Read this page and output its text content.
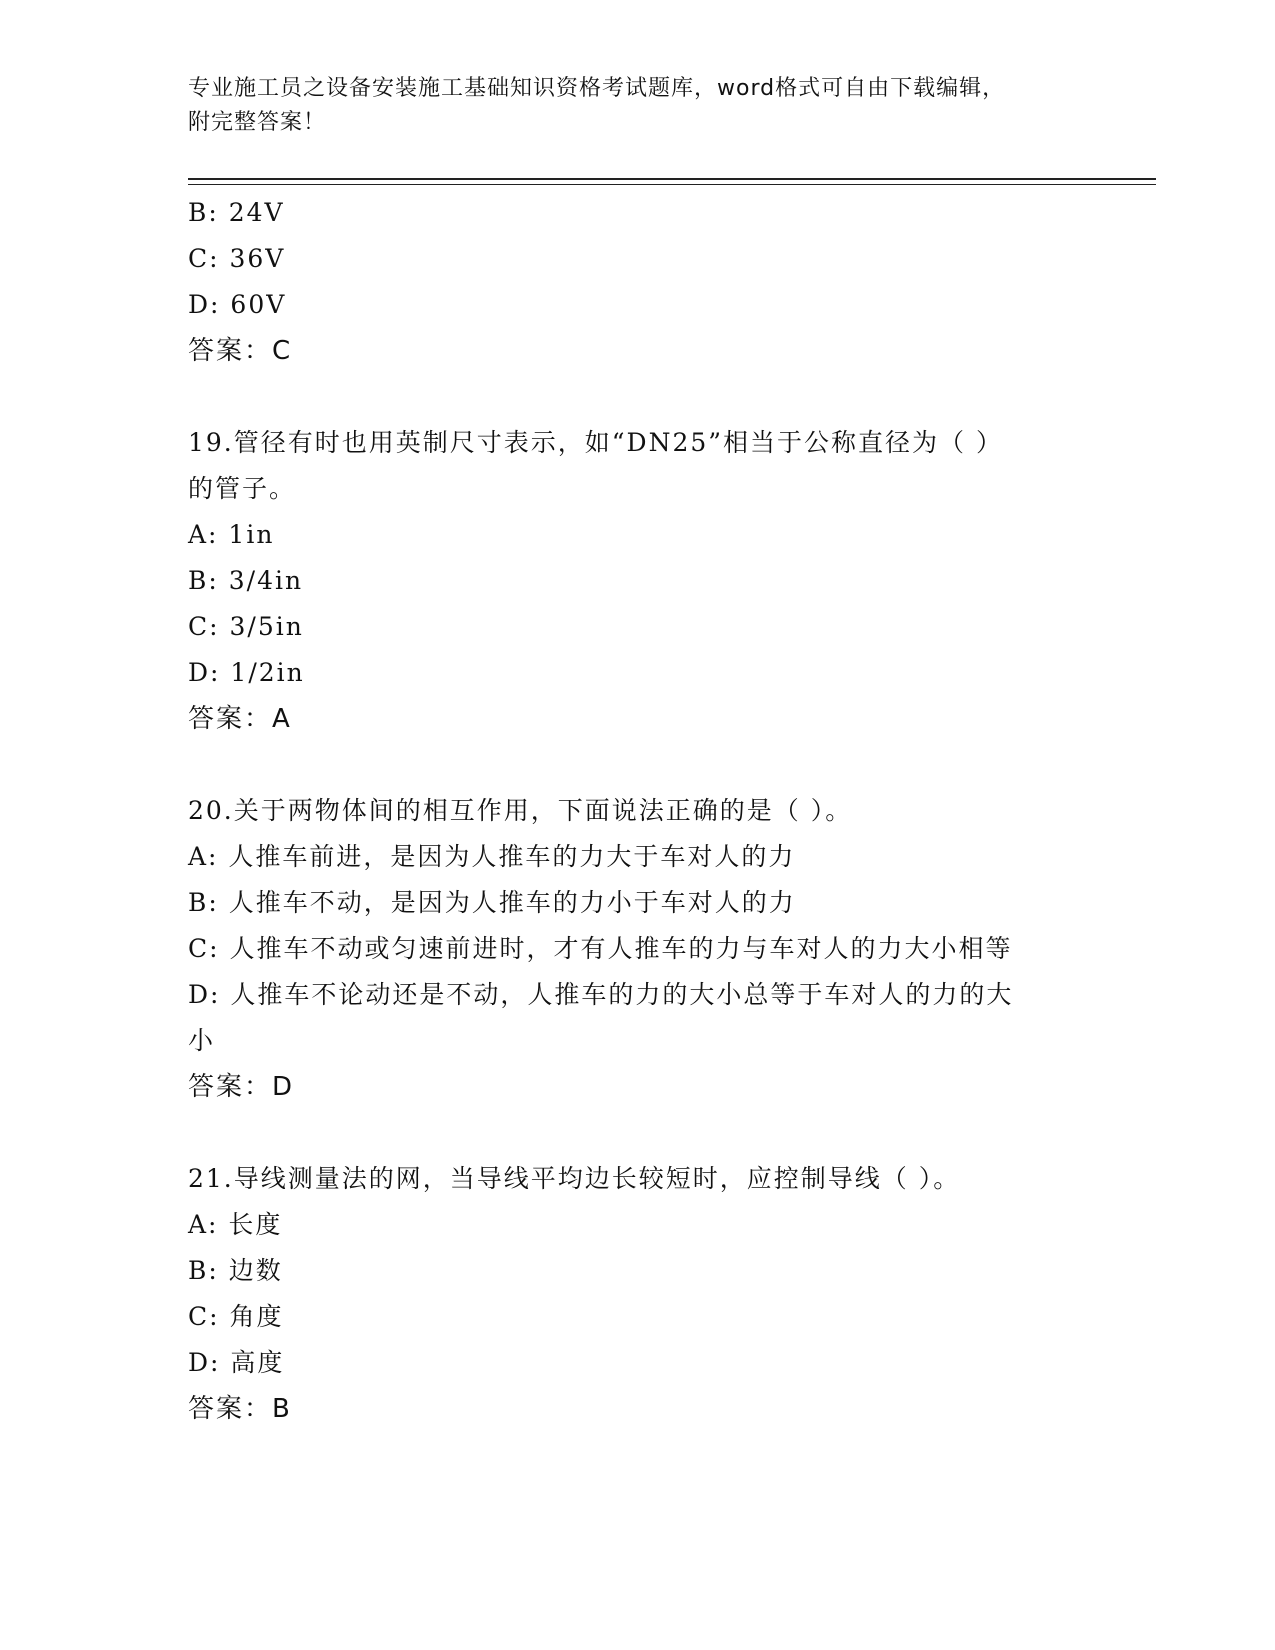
专业施工员之设备安装施工基础知识资格考试题库，word格式可自由下载编辑，
附完整答案！
B: 24V
C: 36V
D: 60V
答案：C
19.管径有时也用英制尺寸表示，如“DN25”相当于公称直径为（ ）
的管子。
A: 1in
B: 3/4in
C: 3/5in
D: 1/2in
答案：A
20.关于两物体间的相互作用，下面说法正确的是（ ）。
A: 人推车前进，是因为人推车的力大于车对人的力
B: 人推车不动，是因为人推车的力小于车对人的力
C: 人推车不动或匀速前进时，才有人推车的力与车对人的力大小相等
D: 人推车不论动还是不动，人推车的力的大小总等于车对人的力的大
小
答案：D
21.导线测量法的网，当导线平均边长较短时，应控制导线（ ）。
A: 长度
B: 边数
C: 角度
D: 高度
答案：B
